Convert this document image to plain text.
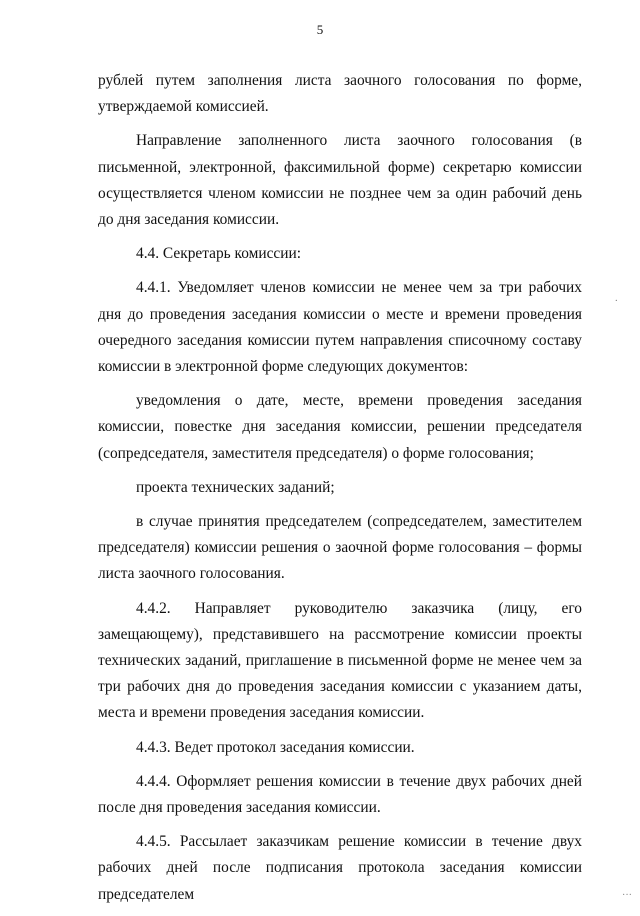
5

рублей путем заполнения листа заочного голосования по форме, утверждаемой комиссией.

Направление заполненного листа заочного голосования (в письменной, электронной, факсимильной форме) секретарю комиссии осуществляется членом комиссии не позднее чем за один рабочий день до дня заседания комиссии.

4.4. Секретарь комиссии:

4.4.1. Уведомляет членов комиссии не менее чем за три рабочих дня до проведения заседания комиссии о месте и времени проведения очередного заседания комиссии путем направления списочному составу комиссии в электронной форме следующих документов:

уведомления о дате, месте, времени проведения заседания комиссии, повестке дня заседания комиссии, решении председателя (сопредседателя, заместителя председателя) о форме голосования;

проекта технических заданий;

в случае принятия председателем (сопредседателем, заместителем председателя) комиссии решения о заочной форме голосования – формы листа заочного голосования.

4.4.2. Направляет руководителю заказчика (лицу, его замещающему), представившего на рассмотрение комиссии проекты технических заданий, приглашение в письменной форме не менее чем за три рабочих дня до проведения заседания комиссии с указанием даты, места и времени проведения заседания комиссии.

4.4.3. Ведет протокол заседания комиссии.

4.4.4. Оформляет решения комиссии в течение двух рабочих дней после дня проведения заседания комиссии.

4.4.5. Рассылает заказчикам решение комиссии в течение двух рабочих дней после подписания протокола заседания комиссии председателем

·
···
